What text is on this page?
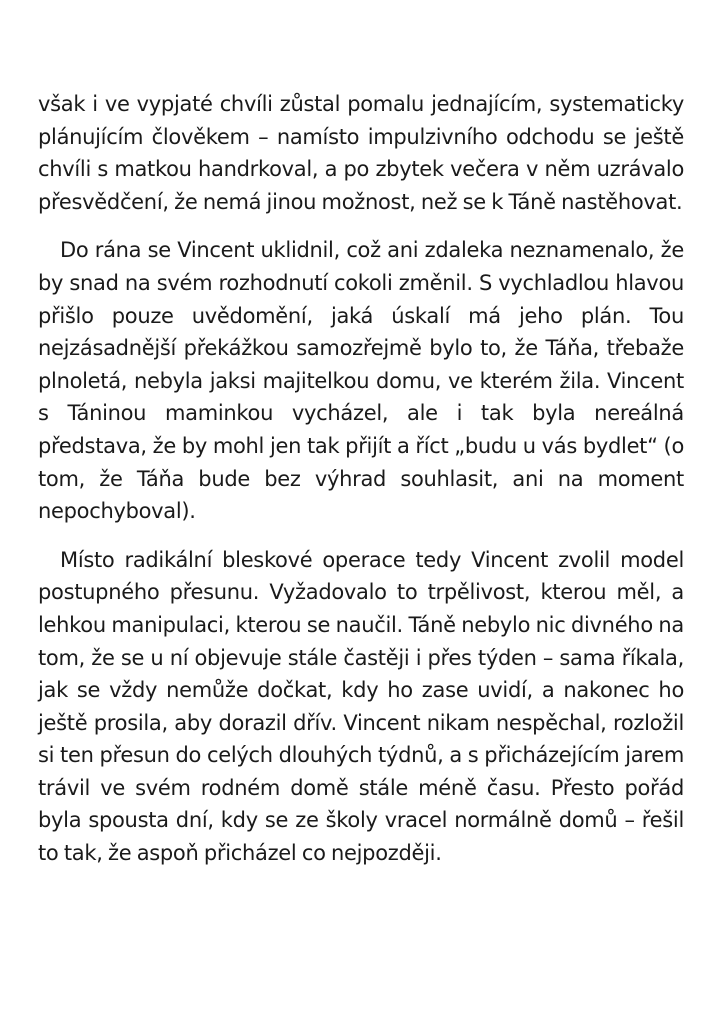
však i ve vypjaté chvíli zůstal pomalu jednajícím, systematicky plánujícím člověkem – namísto impulzivního odchodu se ještě chvíli s matkou handrkoval, a po zbytek večera v něm uzrávalo přesvědčení, že nemá jinou možnost, než se k Táně nastěhovat.

Do rána se Vincent uklidnil, což ani zdaleka neznamenalo, že by snad na svém rozhodnutí cokoli změnil. S vychladlou hlavou přišlo pouze uvědomění, jaká úskalí má jeho plán. Tou nejzásadnější překážkou samozřejmě bylo to, že Táňa, třebaže plnoletá, nebyla jaksi majitelkou domu, ve kterém žila. Vincent s Táninou maminkou vycházel, ale i tak byla nereálná představa, že by mohl jen tak přijít a říct „budu u vás bydlet“ (o tom, že Táňa bude bez výhrad souhlasit, ani na moment nepochyboval).

Místo radikální bleskové operace tedy Vincent zvolil model postupného přesunu. Vyžadovalo to trpělivost, kterou měl, a lehkou manipulaci, kterou se naučil. Táně nebylo nic divného na tom, že se u ní objevuje stále častěji i přes týden – sama říkala, jak se vždy nemůže dočkat, kdy ho zase uvidí, a nakonec ho ještě prosila, aby dorazil dřív. Vincent nikam nespěchal, rozložil si ten přesun do celých dlouhých týdnů, a s přicházejícím jarem trávil ve svém rodném domě stále méně času. Přesto pořád byla spousta dní, kdy se ze školy vracel normálně domů – řešil to tak, že aspoň přicházel co nejpozději.
